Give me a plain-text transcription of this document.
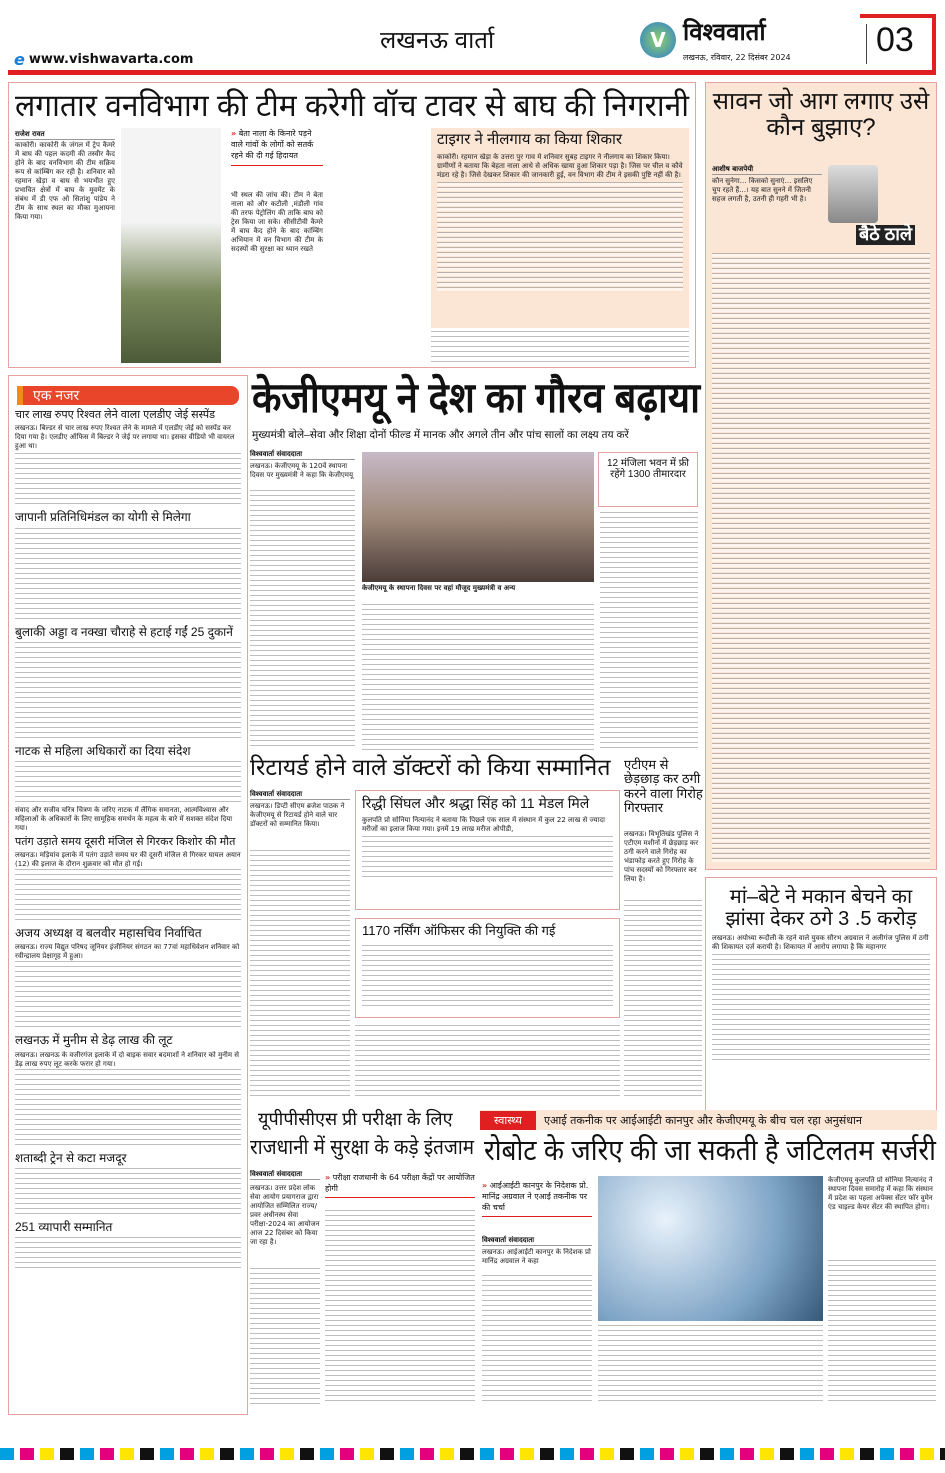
e www.vishwavarta.com
लखनऊ वार्ता	V विश्ववार्ता
लखनऊ, रविवार, 22 दिसंबर 2024	03
लगातार वनविभाग की टीम करेगी वॉच टावर से बाघ की निगरानी
राजेश रावत
काकोरी। काकोरी के जंगल में ट्रेप कैमरे में बाघ की पहल कदमी की तस्वीर कैद होने के बाद वनविभाग की टीम सक्रिय रूप से कांम्बिंग कर रही है। शनिवार को रहमान खेड़ा व बाघ से भयभीत हुए प्रभावित क्षेत्रों में बाघ के मूवमेंट के संबंध में डी एफ ओ सितांशु पांडेय ने टीम के साथ स्थल का मौका मुआयना किया गया।
» बेता नाला के किनारे पड़ने वाले गांवों के लोगों को सतर्क रहने की दी गई हिदायत
भी स्थल की जांच की। टीम ने बेता नाला को और कटौली ,मंडौली गांव की तरफ पेट्रोलिंग की ताकि बाघ को ट्रेस किया जा सके। सीसीटीवी कैमरे में बाघ कैद होने के बाद कांम्बिंग अभियान में वन विभाग की टीम के सदस्यों की सुरक्षा का ध्यान रखते
टाइगर ने नीलगाय का किया शिकार
काकोरी। रहमान खेड़ा के उत्तरा पुर गाव मे शनिवार सुबह टाइगर ने नीलगाय का शिकार किया। ग्रामीणों ने बताया कि बेहता नाला आधे से अधिक खाया हुआ शिकार पड़ा है। जिस पर चील व कौवे मंडरा रहे है। जिसे देखकर शिकार की जानकारी हुई, वन विभाग की टीम ने इसकी पुष्टि नहीं की है।
सावन जो आग लगाए उसे कौन बुझाए?
आशीष बाजपेयी
कौन सुनेगा… किसको सुनाएं… इसलिए चुप रहते हैं…। यह बात सुनने में जितनी सहज लगती है, उतनी ही गहरी भी है।
बैठे ठाले
मां–बेटे ने मकान बेचने का झांसा देकर ठगे 3 .5 करोड़
लखनऊ। अयोध्या रूदौली के रहने वाले युवक सौरभ अग्रवाल ने अलीगंज पुलिस में ठगी की शिकायत दर्ज करायी है। शिकायत में आरोप लगाया है कि महानगर
एक नजर
चार लाख रुपए रिश्वत लेने वाला एलडीए जेई सस्पेंड
लखनऊ। बिल्डर से चार लाख रुपए रिश्वत लेने के मामले में एलडीए जेई को सस्पेंड कर दिया गया है। एलडीए ऑफिस में बिल्डर ने जेई पर लगाया था। इसका वीडियो भी वायरल हुआ था।
जापानी प्रतिनिधिमंडल का योगी से मिलेगा
बुलाकी अड्डा व नक्खा चौराहे से हटाई गईं 25 दुकानें
नाटक से महिला अधिकारों का दिया संदेश
संवाद और सजीव चरित्र चित्रण के जरिए नाटक में लैंगिक समानता, आत्मविश्वास और महिलाओं के अधिकारों के लिए सामूहिक समर्थन के महत्व के बारे में सशक्त संदेश दिया गया।
पतंग उड़ाते समय दूसरी मंजिल से गिरकर किशोर की मौत
लखनऊ। मड़ियांव इलाके में पतंग उड़ाते समय घर की दूसरी मंजिल से गिरकर घायल अयान (12) की इलाज के दौरान शुक्रवार को मौत हो गई।
अजय अध्यक्ष व बलवीर महासचिव निर्वाचित
लखनऊ। राज्य विद्युत परिषद जूनियर इंजीनियर संगठन का 77वां महाधिवेशन शनिवार को रवीन्द्रालय प्रेक्षागृह में हुआ।
लखनऊ में मुनीम से डेढ़ लाख की लूट
लखनऊ। लखनऊ के वजीरगंज इलाके में दो बाइक सवार बदमाशों ने शनिवार को मुनीम से डेढ़ लाख रुपए लूट करके फरार हो गया।
शताब्दी ट्रेन से कटा मजदूर
251 व्यापारी सम्मानित
केजीएमयू ने देश का गौरव बढ़ाया
मुख्यमंत्री बोले–सेवा और शिक्षा दोनों फील्ड में मानक और अगले तीन और पांच सालों का लक्ष्य तय करें
विश्ववार्ता संवाददाता
लखनऊ। केजीएमयू के 120वें स्थापना दिवस पर मुख्यमंत्री ने कहा कि केजीएमयू
केजीएमयू के स्थापना दिवस पर वहां मौजूद मुख्यमंत्री व अन्य
12 मंजिला भवन में फ्री रहेंगे 1300 तीमारदार
रिटायर्ड होने वाले डॉक्टरों को किया सम्मानित
विश्ववार्ता संवाददाता
लखनऊ। डिप्टी सीएम ब्रजेश पाठक ने केजीएमयू से रिटायर्ड होने वाले चार डॉक्टरों को सम्मानित किया।
रिद्धी सिंघल और श्रद्धा सिंह को 11 मेडल मिले
कुलपति प्रो सोनिया नित्यानंद ने बताया कि पिछले एक साल में संस्थान में कुल 22 लाख से ज्यादा मरीजों का इलाज किया गया। इनमें 19 लाख मरीज ओपीडी,
1170 नर्सिंग ऑफिसर की नियुक्ति की गई
एटीएम से छेड़छाड़ कर ठगी करने वाला गिरोह गिरफ्तार
लखनऊ। विभूतिखंड पुलिस ने एटीएम मशीनों में छेड़छाड़ कर ठगी करने वाले गिरोह का भंडाफोड़ करते हुए गिरोह के पांच सदस्यों को गिरफ्तार कर लिया है।
यूपीपीसीएस प्री परीक्षा के लिए
राजधानी में सुरक्षा के कड़े इंतजाम
विश्ववार्ता संवाददाता	» परीक्षा राजधानी के 64 परीक्षा केंद्रों पर आयोजित होगी
लखनऊ। उत्तर प्रदेश लोक सेवा आयोग प्रयागराज द्वारा आयोजित सम्मिलित राज्य/प्रवर अधीनस्थ सेवा परीक्षा-2024 का आयोजन आज 22 दिसंबर को किया जा रहा है।
स्वास्थ्य	एआई तकनीक पर आईआईटी कानपुर और केजीएमयू के बीच चल रहा अनुसंधान
रोबोट के जरिए की जा सकती है जटिलतम सर्जरी
» आईआईटी कानपुर के निदेशक प्रो. मानिंद्र अग्रवाल ने एआई तकनीक पर की चर्चा
विश्ववार्ता संवाददाता
लखनऊ। आईआईटी कानपुर के निदेशक प्रो मानिंद्र अग्रवाल ने कहा
केजीएमयू कुलपति प्रो सोनिया नित्यानंद ने स्थापना दिवस समारोह में कहा कि संस्थान में प्रदेश का पहला अपेक्स सेंटर फॉर वुमेन एंड चाइल्ड केयर सेंटर की स्थापित होगा।
